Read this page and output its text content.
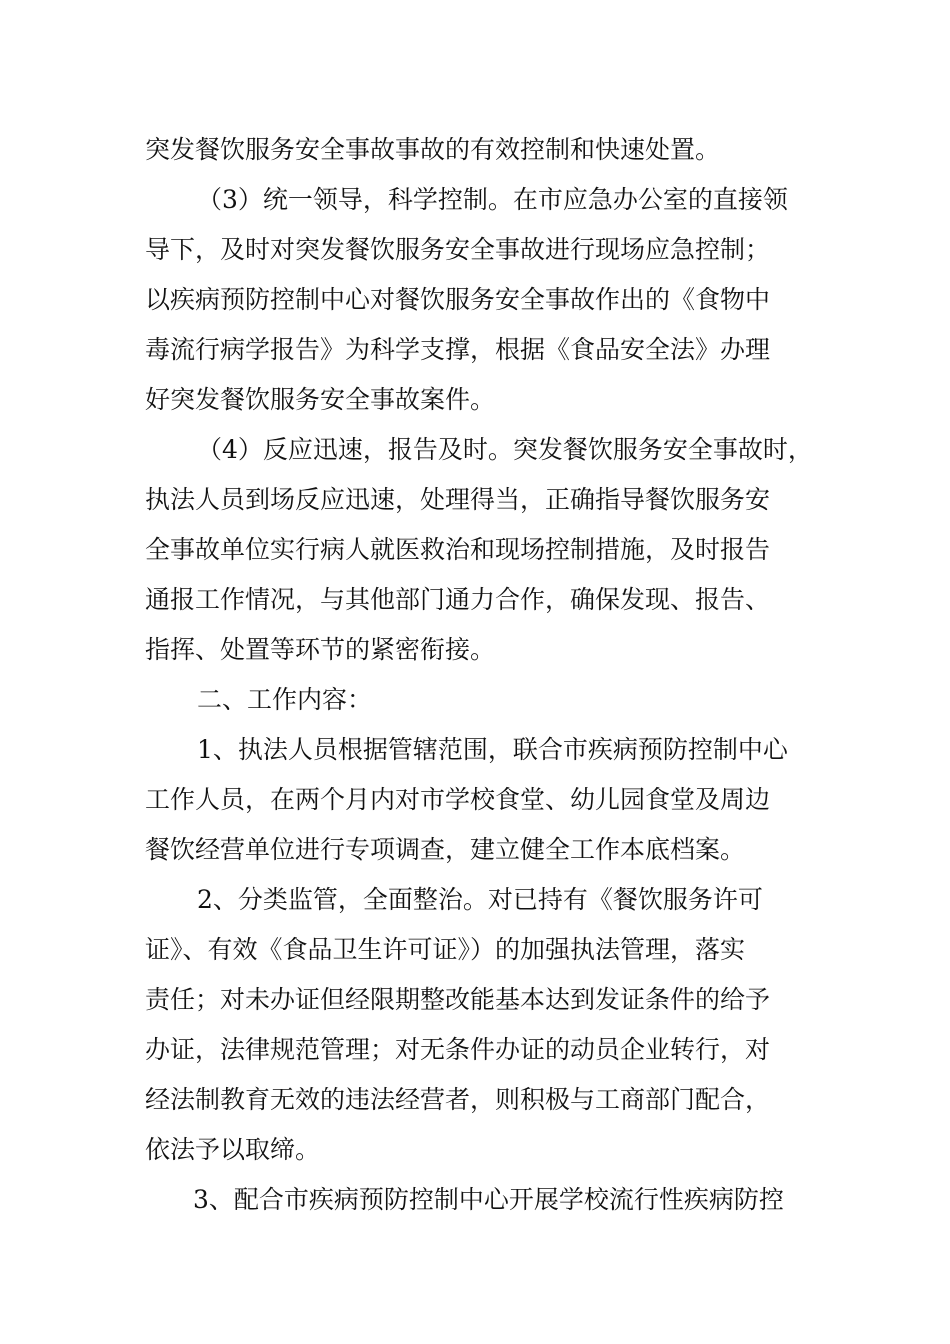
突发餐饮服务安全事故事故的有效控制和快速处置。
（3）统一领导，科学控制。在市应急办公室的直接领
导下，及时对突发餐饮服务安全事故进行现场应急控制；
以疾病预防控制中心对餐饮服务安全事故作出的《食物中
毒流行病学报告》为科学支撑，根据《食品安全法》办理
好突发餐饮服务安全事故案件。
（4）反应迅速，报告及时。突发餐饮服务安全事故时，
执法人员到场反应迅速，处理得当，正确指导餐饮服务安
全事故单位实行病人就医救治和现场控制措施，及时报告
通报工作情况，与其他部门通力合作，确保发现、报告、
指挥、处置等环节的紧密衔接。
二、工作内容：
1、执法人员根据管辖范围，联合市疾病预防控制中心
工作人员，在两个月内对市学校食堂、幼儿园食堂及周边
餐饮经营单位进行专项调查，建立健全工作本底档案。
2、分类监管，全面整治。对已持有《餐饮服务许可
证》、有效《食品卫生许可证》）的加强执法管理，落实
责任；对未办证但经限期整改能基本达到发证条件的给予
办证，法律规范管理；对无条件办证的动员企业转行，对
经法制教育无效的违法经营者，则积极与工商部门配合，
依法予以取缔。
3、配合市疾病预防控制中心开展学校流行性疾病防控
